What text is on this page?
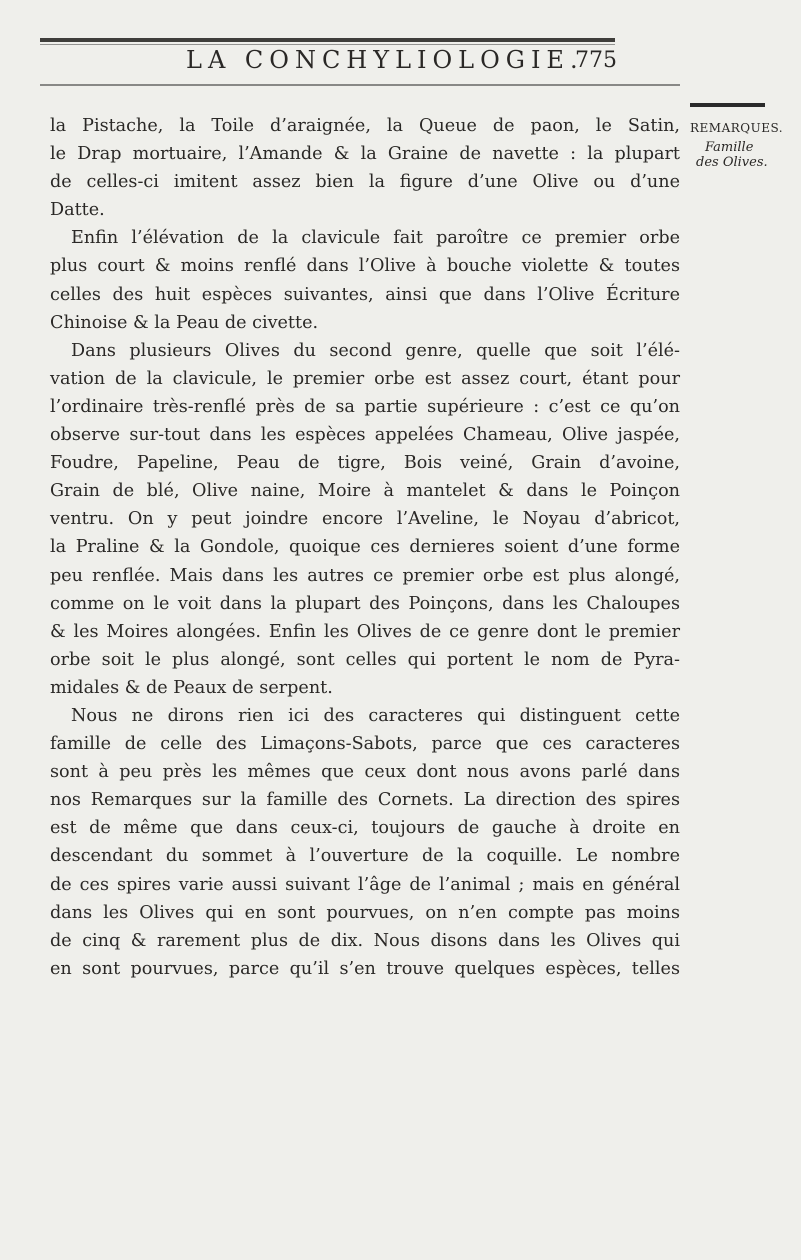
LA CONCHYLIOLOGIE.
775
REMARQUES.
Famille
des Olives.
la Pistache, la Toile d’araignée, la Queue de paon, le Satin,
le Drap mortuaire, l’Amande & la Graine de navette : la plupart
de celles-ci imitent assez bien la figure d’une Olive ou d’une
Datte.
Enfin l’élévation de la clavicule fait paroître ce premier orbe
plus court & moins renflé dans l’Olive à bouche violette & toutes
celles des huit espèces suivantes, ainsi que dans l’Olive Écriture
Chinoise & la Peau de civette.
Dans plusieurs Olives du second genre, quelle que soit l’élé-
vation de la clavicule, le premier orbe est assez court, étant pour
l’ordinaire très-renflé près de sa partie supérieure : c’est ce qu’on
observe sur-tout dans les espèces appelées Chameau, Olive jaspée,
Foudre, Papeline, Peau de tigre, Bois veiné, Grain d’avoine,
Grain de blé, Olive naine, Moire à mantelet & dans le Poinçon
ventru. On y peut joindre encore l’Aveline, le Noyau d’abricot,
la Praline & la Gondole, quoique ces dernieres soient d’une forme
peu renflée. Mais dans les autres ce premier orbe est plus alongé,
comme on le voit dans la plupart des Poinçons, dans les Chaloupes
& les Moires alongées. Enfin les Olives de ce genre dont le premier
orbe soit le plus alongé, sont celles qui portent le nom de Pyra-
midales & de Peaux de serpent.
Nous ne dirons rien ici des caracteres qui distinguent cette
famille de celle des Limaçons-Sabots, parce que ces caracteres
sont à peu près les mêmes que ceux dont nous avons parlé dans
nos Remarques sur la famille des Cornets. La direction des spires
est de même que dans ceux-ci, toujours de gauche à droite en
descendant du sommet à l’ouverture de la coquille. Le nombre
de ces spires varie aussi suivant l’âge de l’animal ; mais en général
dans les Olives qui en sont pourvues, on n’en compte pas moins
de cinq & rarement plus de dix. Nous disons dans les Olives qui
en sont pourvues, parce qu’il s’en trouve quelques espèces, telles
